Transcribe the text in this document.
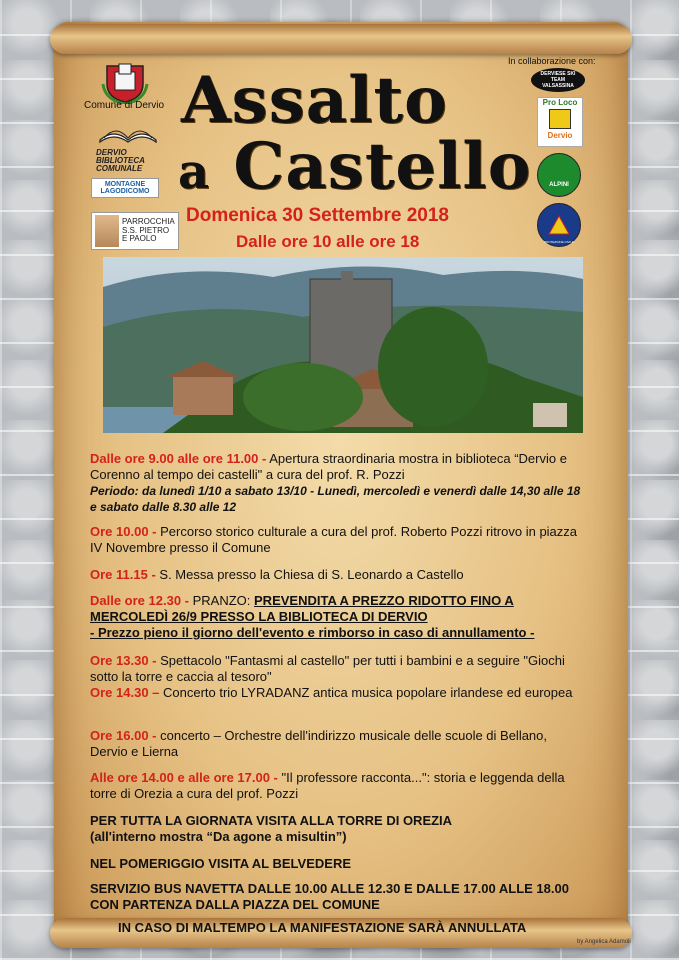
Comune di Dervio
DERVIO BIBLIOTECA COMUNALE
MONTAGNE LAGODICOMO
PARROCCHIA S.S. PIETRO E PAOLO
In collaborazione con:
DERVIESE SKI TEAM VALSASSINA
Pro Loco
Dervio
ALPINI
PROTEZIONE CIVILE
Assalto
a Castello
Domenica 30 Settembre 2018
Dalle ore 10 alle ore 18
Dalle ore 9.00 alle ore 11.00 - Apertura straordinaria mostra in biblioteca “Dervio e Corenno al tempo dei castelli" a cura del prof. R. Pozzi
Periodo: da lunedì 1/10 a sabato 13/10 - Lunedì, mercoledì e venerdì dalle 14,30 alle 18 e sabato dalle 8.30 alle 12
Ore 10.00 - Percorso storico culturale a cura del prof. Roberto Pozzi ritrovo in piazza IV Novembre presso il Comune
Ore 11.15 - S. Messa presso la Chiesa di S. Leonardo a Castello
Dalle ore 12.30 - PRANZO: PREVENDITA A PREZZO RIDOTTO FINO A MERCOLEDÌ 26/9 PRESSO LA BIBLIOTECA DI DERVIO
- Prezzo pieno il giorno dell'evento e rimborso in caso di annullamento -
Ore 13.30 - Spettacolo "Fantasmi al castello" per tutti i bambini e a seguire "Giochi sotto la torre e caccia al tesoro"
Ore 14.30 – Concerto trio LYRADANZ antica musica popolare irlandese ed europea
Ore 16.00 - concerto – Orchestre dell'indirizzo musicale delle scuole di Bellano, Dervio e Lierna
Alle ore 14.00 e alle ore 17.00 - "Il professore racconta...": storia e leggenda della torre di Orezia a cura del prof. Pozzi
PER TUTTA LA GIORNATA VISITA ALLA TORRE DI OREZIA
(all'interno mostra “Da agone a misultin”)
NEL POMERIGGIO VISITA AL BELVEDERE
SERVIZIO BUS NAVETTA DALLE 10.00 ALLE 12.30 E DALLE 17.00 ALLE 18.00 CON PARTENZA DALLA PIAZZA DEL COMUNE
IN CASO DI MALTEMPO LA MANIFESTAZIONE SARÀ ANNULLATA
by Angelica Adamoli
